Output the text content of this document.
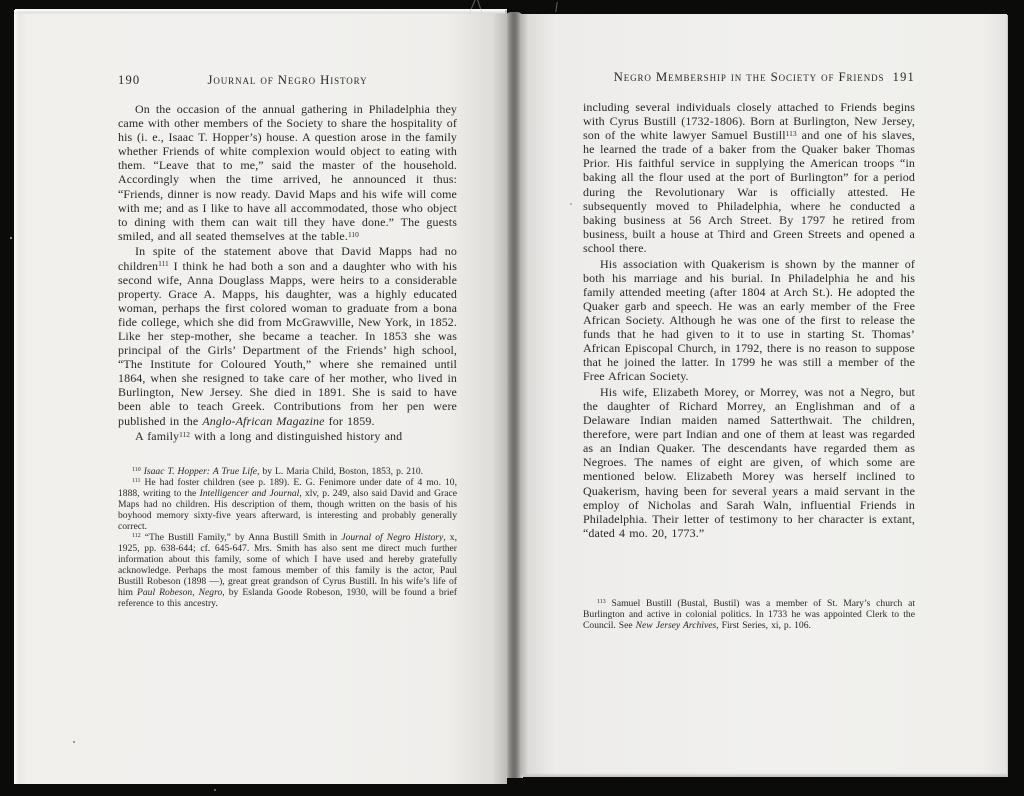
190	Journal of Negro History

On the occasion of the annual gathering in Philadelphia they came with other members of the Society to share the hospitality of his (i. e., Isaac T. Hopper’s) house. A question arose in the family whether Friends of white complexion would object to eating with them. “Leave that to me,” said the master of the household. Accordingly when the time arrived, he announced it thus: “Friends, dinner is now ready. David Maps and his wife will come with me; and as I like to have all accommodated, those who object to dining with them can wait till they have done.” The guests smiled, and all seated themselves at the table.$^{110}$

In spite of the statement above that David Mapps had no children$^{111}$ I think he had both a son and a daughter who with his second wife, Anna Douglass Mapps, were heirs to a considerable property. Grace A. Mapps, his daughter, was a highly educated woman, perhaps the first colored woman to graduate from a bona fide college, which she did from McGrawville, New York, in 1852. Like her step-mother, she became a teacher. In 1853 she was principal of the Girls’ Department of the Friends’ high school, “The Institute for Coloured Youth,” where she remained until 1864, when she resigned to take care of her mother, who lived in Burlington, New Jersey. She died in 1891. She is said to have been able to teach Greek. Contributions from her pen were published in the Anglo-African Magazine for 1859.

A family$^{112}$ with a long and distinguished history and

$^{110}$ Isaac T. Hopper: A True Life, by L. Maria Child, Boston, 1853, p. 210.

$^{111}$ He had foster children (see p. 189). E. G. Fenimore under date of 4 mo. 10, 1888, writing to the Intelligencer and Journal, xlv, p. 249, also said David and Grace Maps had no children. His description of them, though written on the basis of his boyhood memory sixty-five years afterward, is interesting and probably generally correct.

$^{112}$ “The Bustill Family,” by Anna Bustill Smith in Journal of Negro History, x, 1925, pp. 638-644; cf. 645-647. Mrs. Smith has also sent me direct much further information about this family, some of which I have used and hereby gratefully acknowledge. Perhaps the most famous member of this family is the actor, Paul Bustill Robeson (1898 —), great great grandson of Cyrus Bustill. In his wife’s life of him Paul Robeson, Negro, by Eslanda Goode Robeson, 1930, will be found a brief reference to this ancestry.

Negro Membership in the Society of Friends 191

including several individuals closely attached to Friends begins with Cyrus Bustill (1732-1806). Born at Burlington, New Jersey, son of the white lawyer Samuel Bustill$^{113}$ and one of his slaves, he learned the trade of a baker from the Quaker baker Thomas Prior. His faithful service in supplying the American troops “in baking all the flour used at the port of Burlington” for a period during the Revolutionary War is officially attested. He subsequently moved to Philadelphia, where he conducted a baking business at 56 Arch Street. By 1797 he retired from business, built a house at Third and Green Streets and opened a school there.

His association with Quakerism is shown by the manner of both his marriage and his burial. In Philadelphia he and his family attended meeting (after 1804 at Arch St.). He adopted the Quaker garb and speech. He was an early member of the Free African Society. Although he was one of the first to release the funds that he had given to it to use in starting St. Thomas’ African Episcopal Church, in 1792, there is no reason to suppose that he joined the latter. In 1799 he was still a member of the Free African Society.

His wife, Elizabeth Morey, or Morrey, was not a Negro, but the daughter of Richard Morrey, an Englishman and of a Delaware Indian maiden named Satterthwait. The children, therefore, were part Indian and one of them at least was regarded as an Indian Quaker. The descendants have regarded them as Negroes. The names of eight are given, of which some are mentioned below. Elizabeth Morey was herself inclined to Quakerism, having been for several years a maid servant in the employ of Nicholas and Sarah Waln, influential Friends in Philadelphia. Their letter of testimony to her character is extant, “dated 4 mo. 20, 1773.”

$^{113}$ Samuel Bustill (Bustal, Bustil) was a member of St. Mary’s church at Burlington and active in colonial politics. In 1733 he was appointed Clerk to the Council. See New Jersey Archives, First Series, xi, p. 106.
